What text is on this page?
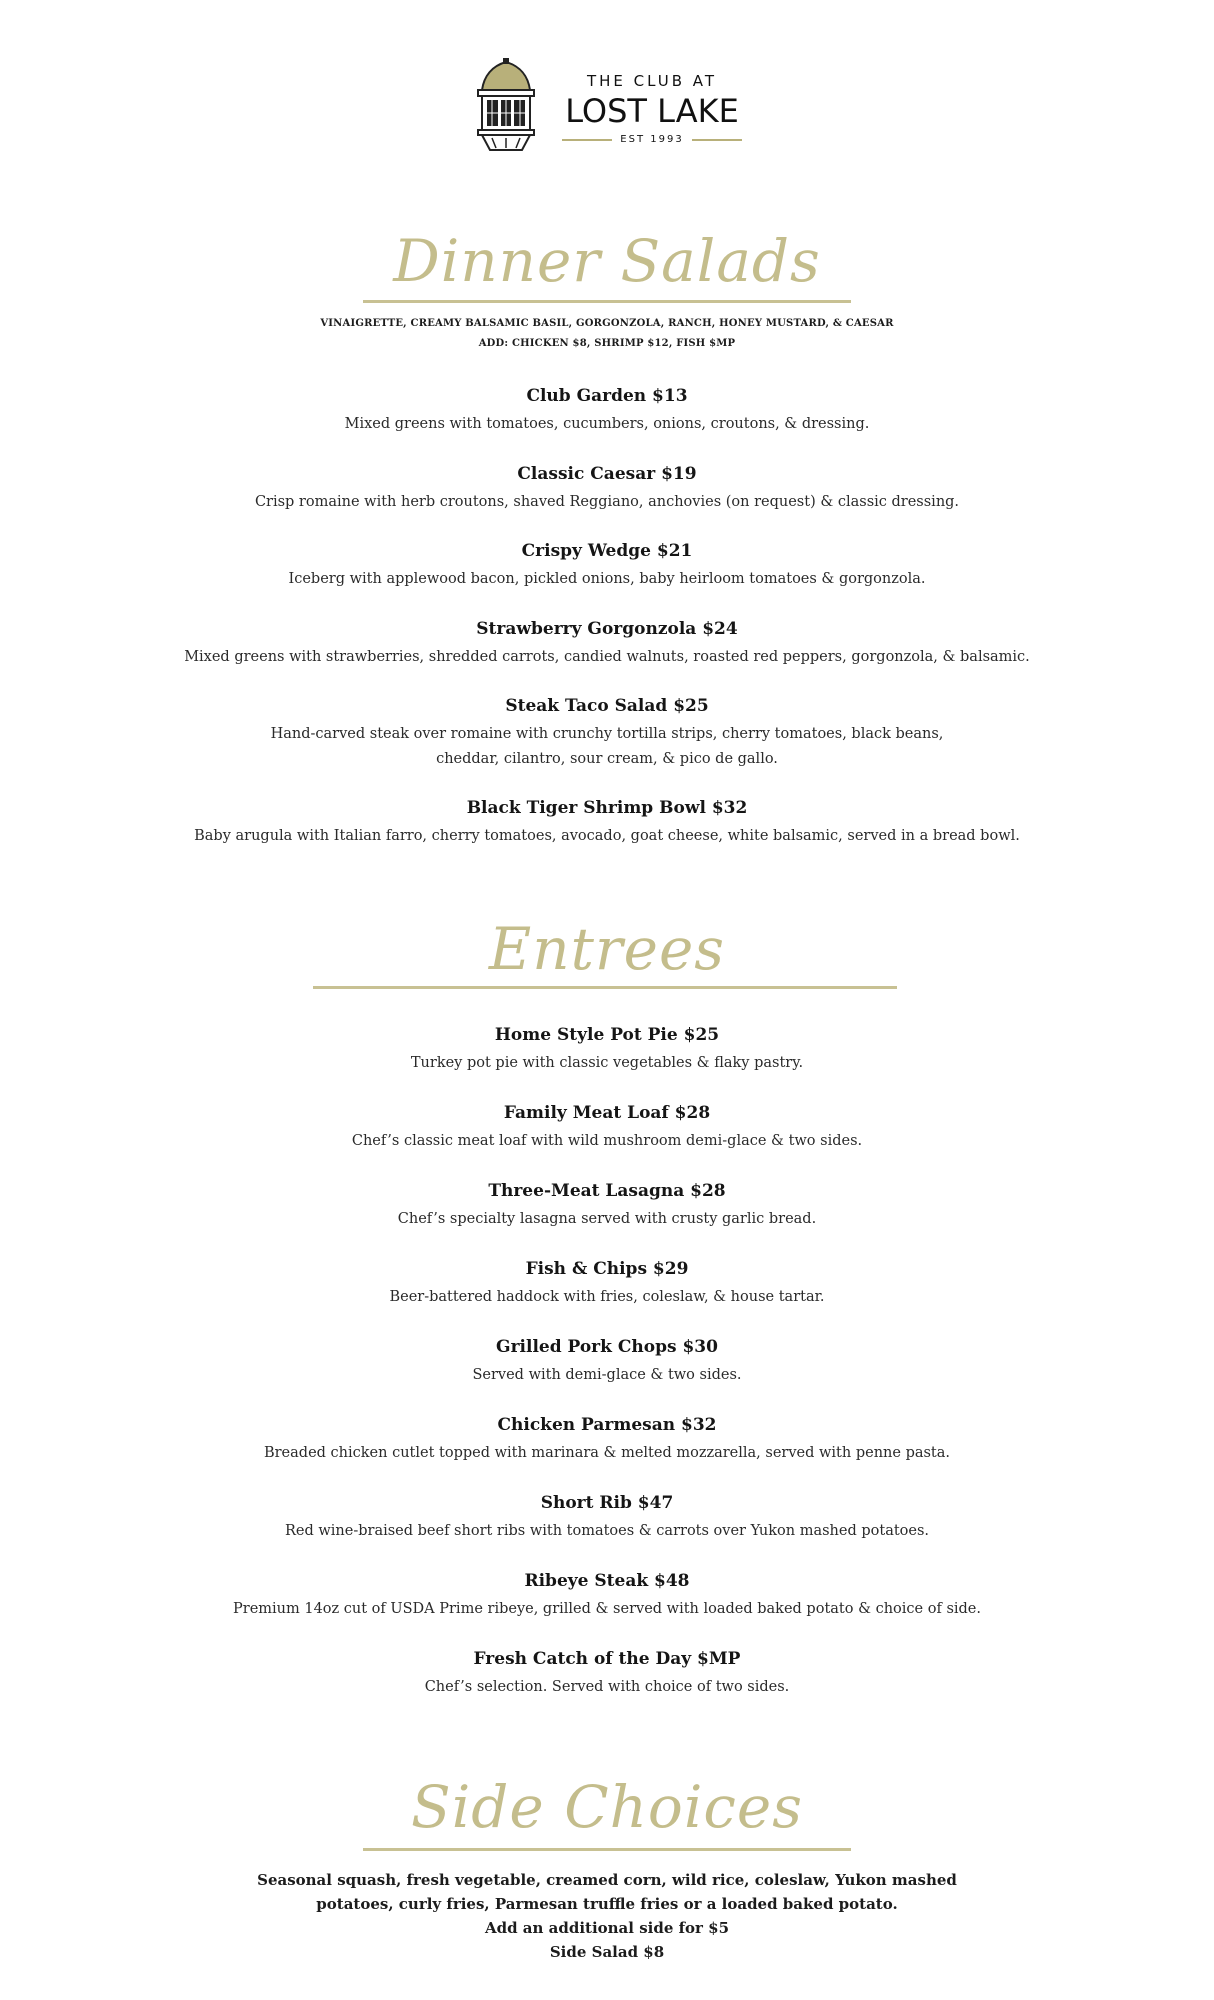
THE CLUB AT
LOST LAKE
EST 1993
Dinner Salads
VINAIGRETTE, CREAMY BALSAMIC BASIL, GORGONZOLA, RANCH, HONEY MUSTARD, & CAESAR
ADD: CHICKEN $8, SHRIMP $12, FISH $MP
Club Garden $13
Mixed greens with tomatoes, cucumbers, onions, croutons, & dressing.
Classic Caesar $19
Crisp romaine with herb croutons, shaved Reggiano, anchovies (on request) & classic dressing.
Crispy Wedge $21
Iceberg with applewood bacon, pickled onions, baby heirloom tomatoes & gorgonzola.
Strawberry Gorgonzola $24
Mixed greens with strawberries, shredded carrots, candied walnuts, roasted red peppers, gorgonzola, & balsamic.
Steak Taco Salad $25
Hand-carved steak over romaine with crunchy tortilla strips, cherry tomatoes, black beans,
cheddar, cilantro, sour cream, & pico de gallo.
Black Tiger Shrimp Bowl $32
Baby arugula with Italian farro, cherry tomatoes, avocado, goat cheese, white balsamic, served in a bread bowl.
Entrees
Home Style Pot Pie $25
Turkey pot pie with classic vegetables & flaky pastry.
Family Meat Loaf $28
Chef’s classic meat loaf with wild mushroom demi-glace & two sides.
Three-Meat Lasagna $28
Chef’s specialty lasagna served with crusty garlic bread.
Fish & Chips $29
Beer-battered haddock with fries, coleslaw, & house tartar.
Grilled Pork Chops $30
Served with demi-glace & two sides.
Chicken Parmesan $32
Breaded chicken cutlet topped with marinara & melted mozzarella, served with penne pasta.
Short Rib $47
Red wine-braised beef short ribs with tomatoes & carrots over Yukon mashed potatoes.
Ribeye Steak $48
Premium 14oz cut of USDA Prime ribeye, grilled & served with loaded baked potato & choice of side.
Fresh Catch of the Day $MP
Chef’s selection. Served with choice of two sides.
Side Choices
Seasonal squash, fresh vegetable, creamed corn, wild rice, coleslaw, Yukon mashed
potatoes, curly fries, Parmesan truffle fries or a loaded baked potato.
Add an additional side for $5
Side Salad $8
